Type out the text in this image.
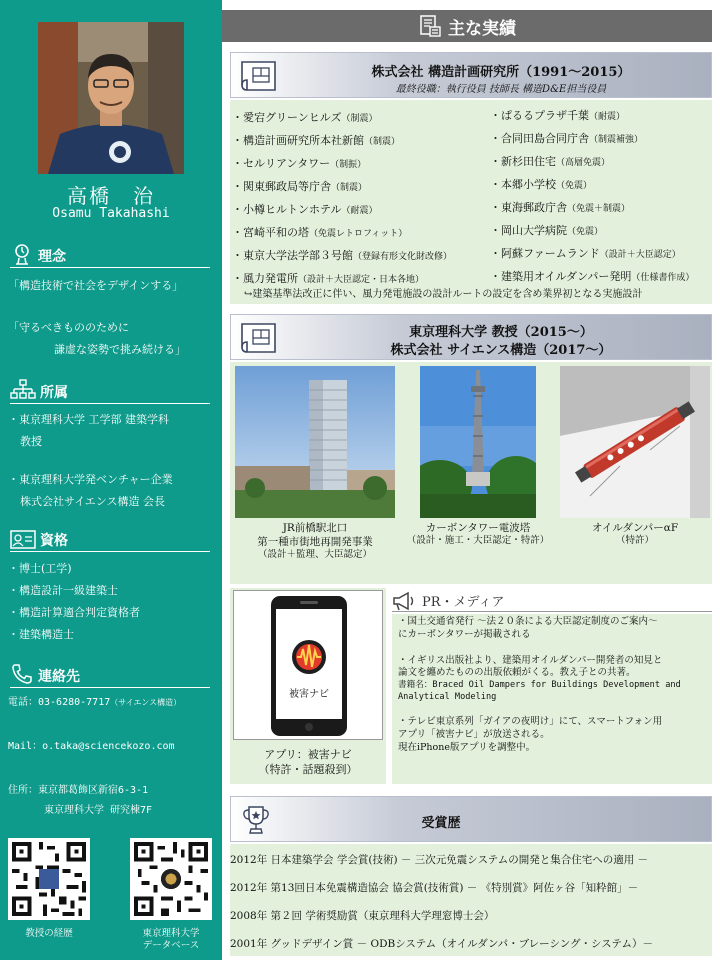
高橋　治
Osamu Takahashi
理念
「構造技術で社会をデザインする」
「守るべきもののために
謙虚な姿勢で挑み続ける」
所属
・東京理科大学 工学部 建築学科
教授
・東京理科大学発ベンチャー企業
株式会社サイエンス構造 会長
資格
・博士(工学)
・構造設計一級建築士
・構造計算適合判定資格者
・建築構造士
連絡先
電話：03-6280-7717（サイエンス構造）
Mail：o.taka@sciencekozo.com
住所：東京都葛飾区新宿6-3-1
東京理科大学 研究棟7F
教授の経歴	東京理科大学
データベース
主な実績
株式会社 構造計画研究所（1991～2015）
最終役職：執行役員 技師長 構造D&E担当役員
・愛宕グリーンヒルズ（制震）
・構造計画研究所本社新館（制震）
・セルリアンタワー（制振）
・関東郵政局等庁舎（制震）
・小樽ヒルトンホテル（耐震）
・宮崎平和の塔（免震レトロフィット）
・東京大学法学部３号館（登録有形文化財改修）
・風力発電所（設計＋大臣認定・日本各地）
・ぱるるプラザ千葉（耐震）
・合同田島合同庁舎（制震補強）
・新杉田住宅（高層免震）
・本郷小学校（免震）
・東海郵政庁舎（免震＋制震）
・岡山大学病院（免震）
・阿蘇ファームランド（設計＋大臣認定）
・建築用オイルダンパー発明（仕様書作成）
↪建築基準法改正に伴い、風力発電施設の設計ルートの設定を含め業界初となる実施設計
東京理科大学 教授（2015～）
株式会社 サイエンス構造（2017～）
JR前橋駅北口
第一種市街地再開発事業
（設計＋監理、大臣認定）
カーボンタワー電波塔
（設計・施工・大臣認定・特許）
オイルダンパーαF
（特許）
被害ナビ
アプリ：被害ナビ
（特許・話題殺到）
PR・メディア
・国土交通省発行 ～法２０条による大臣認定制度のご案内～
にカーボンタワーが掲載される
・イギリス出版社より、建築用オイルダンパー開発者の知見と
論文を纏めたものの出版依頼がくる。教え子との共著。
書籍名：Braced Oil Dampers for Buildings Development and
Analytical Modeling
・テレビ東京系列「ガイアの夜明け」にて、スマートフォン用
アプリ「被害ナビ」が放送される。
現在iPhone版アプリを調整中。
受賞歴
2012年 日本建築学会 学会賞(技術) － 三次元免震システムの開発と集合住宅への適用 －
2012年 第13回日本免震構造協会 協会賞(技術賞) － 《特別賞》阿佐ヶ谷「知粋館」－
2008年 第２回 学術奨励賞（東京理科大学理窓博士会）
2001年 グッドデザイン賞 － ODBシステム（オイルダンパ・ブレーシング・システム）－
